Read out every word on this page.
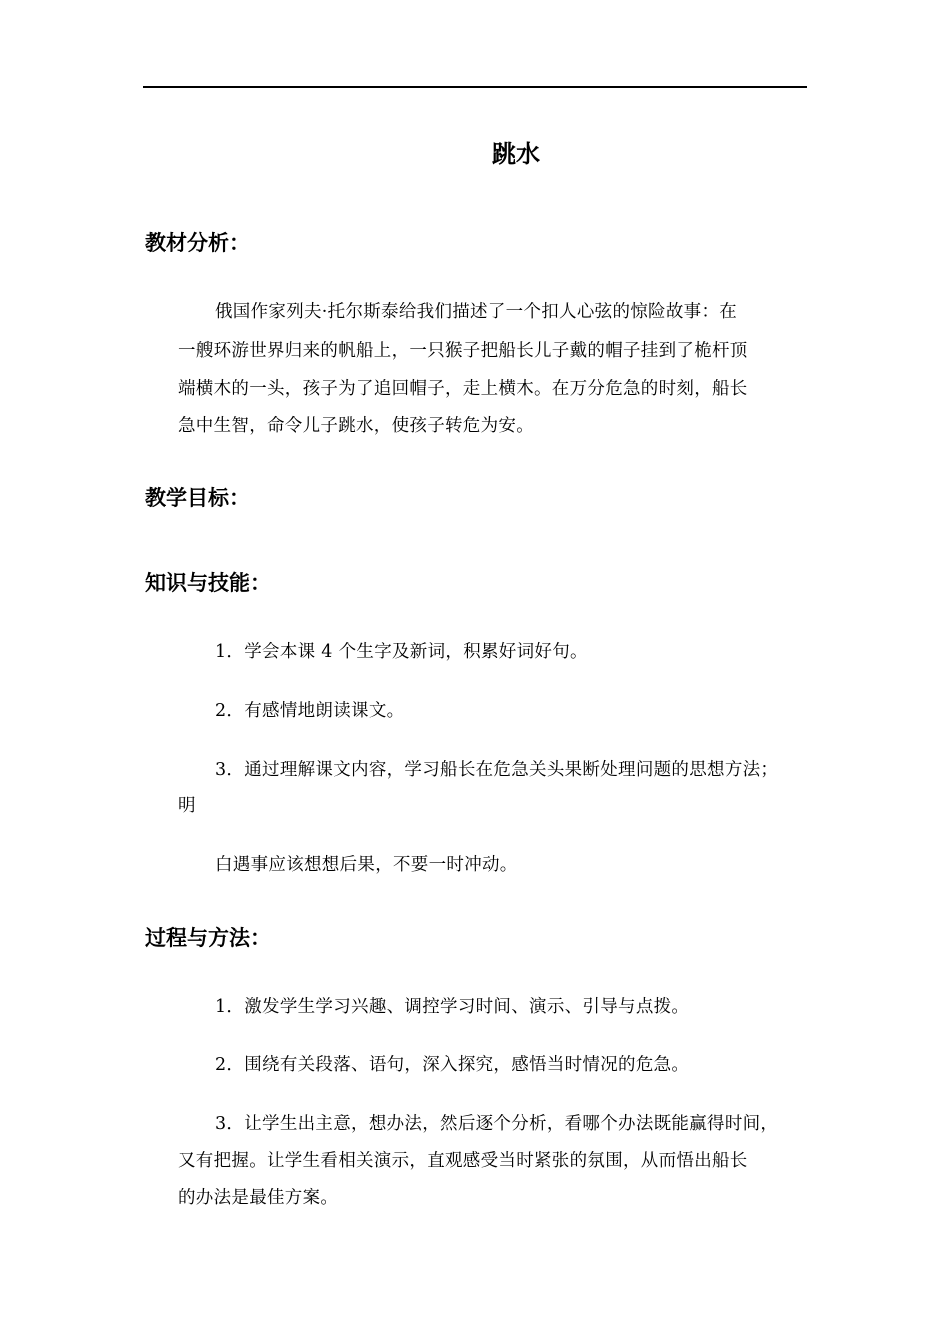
跳水
教材分析：
俄国作家列夫·托尔斯泰给我们描述了一个扣人心弦的惊险故事：在
一艘环游世界归来的帆船上，一只猴子把船长儿子戴的帽子挂到了桅杆顶
端横木的一头，孩子为了追回帽子，走上横木。在万分危急的时刻，船长
急中生智，命令儿子跳水，使孩子转危为安。
教学目标：
知识与技能：
1．学会本课 4 个生字及新词，积累好词好句。
2．有感情地朗读课文。
3．通过理解课文内容，学习船长在危急关头果断处理问题的思想方法；
明
白遇事应该想想后果，不要一时冲动。
过程与方法：
1．激发学生学习兴趣、调控学习时间、演示、引导与点拨。
2．围绕有关段落、语句，深入探究，感悟当时情况的危急。
3．让学生出主意，想办法，然后逐个分析，看哪个办法既能赢得时间，
又有把握。让学生看相关演示，直观感受当时紧张的氛围，从而悟出船长
的办法是最佳方案。
